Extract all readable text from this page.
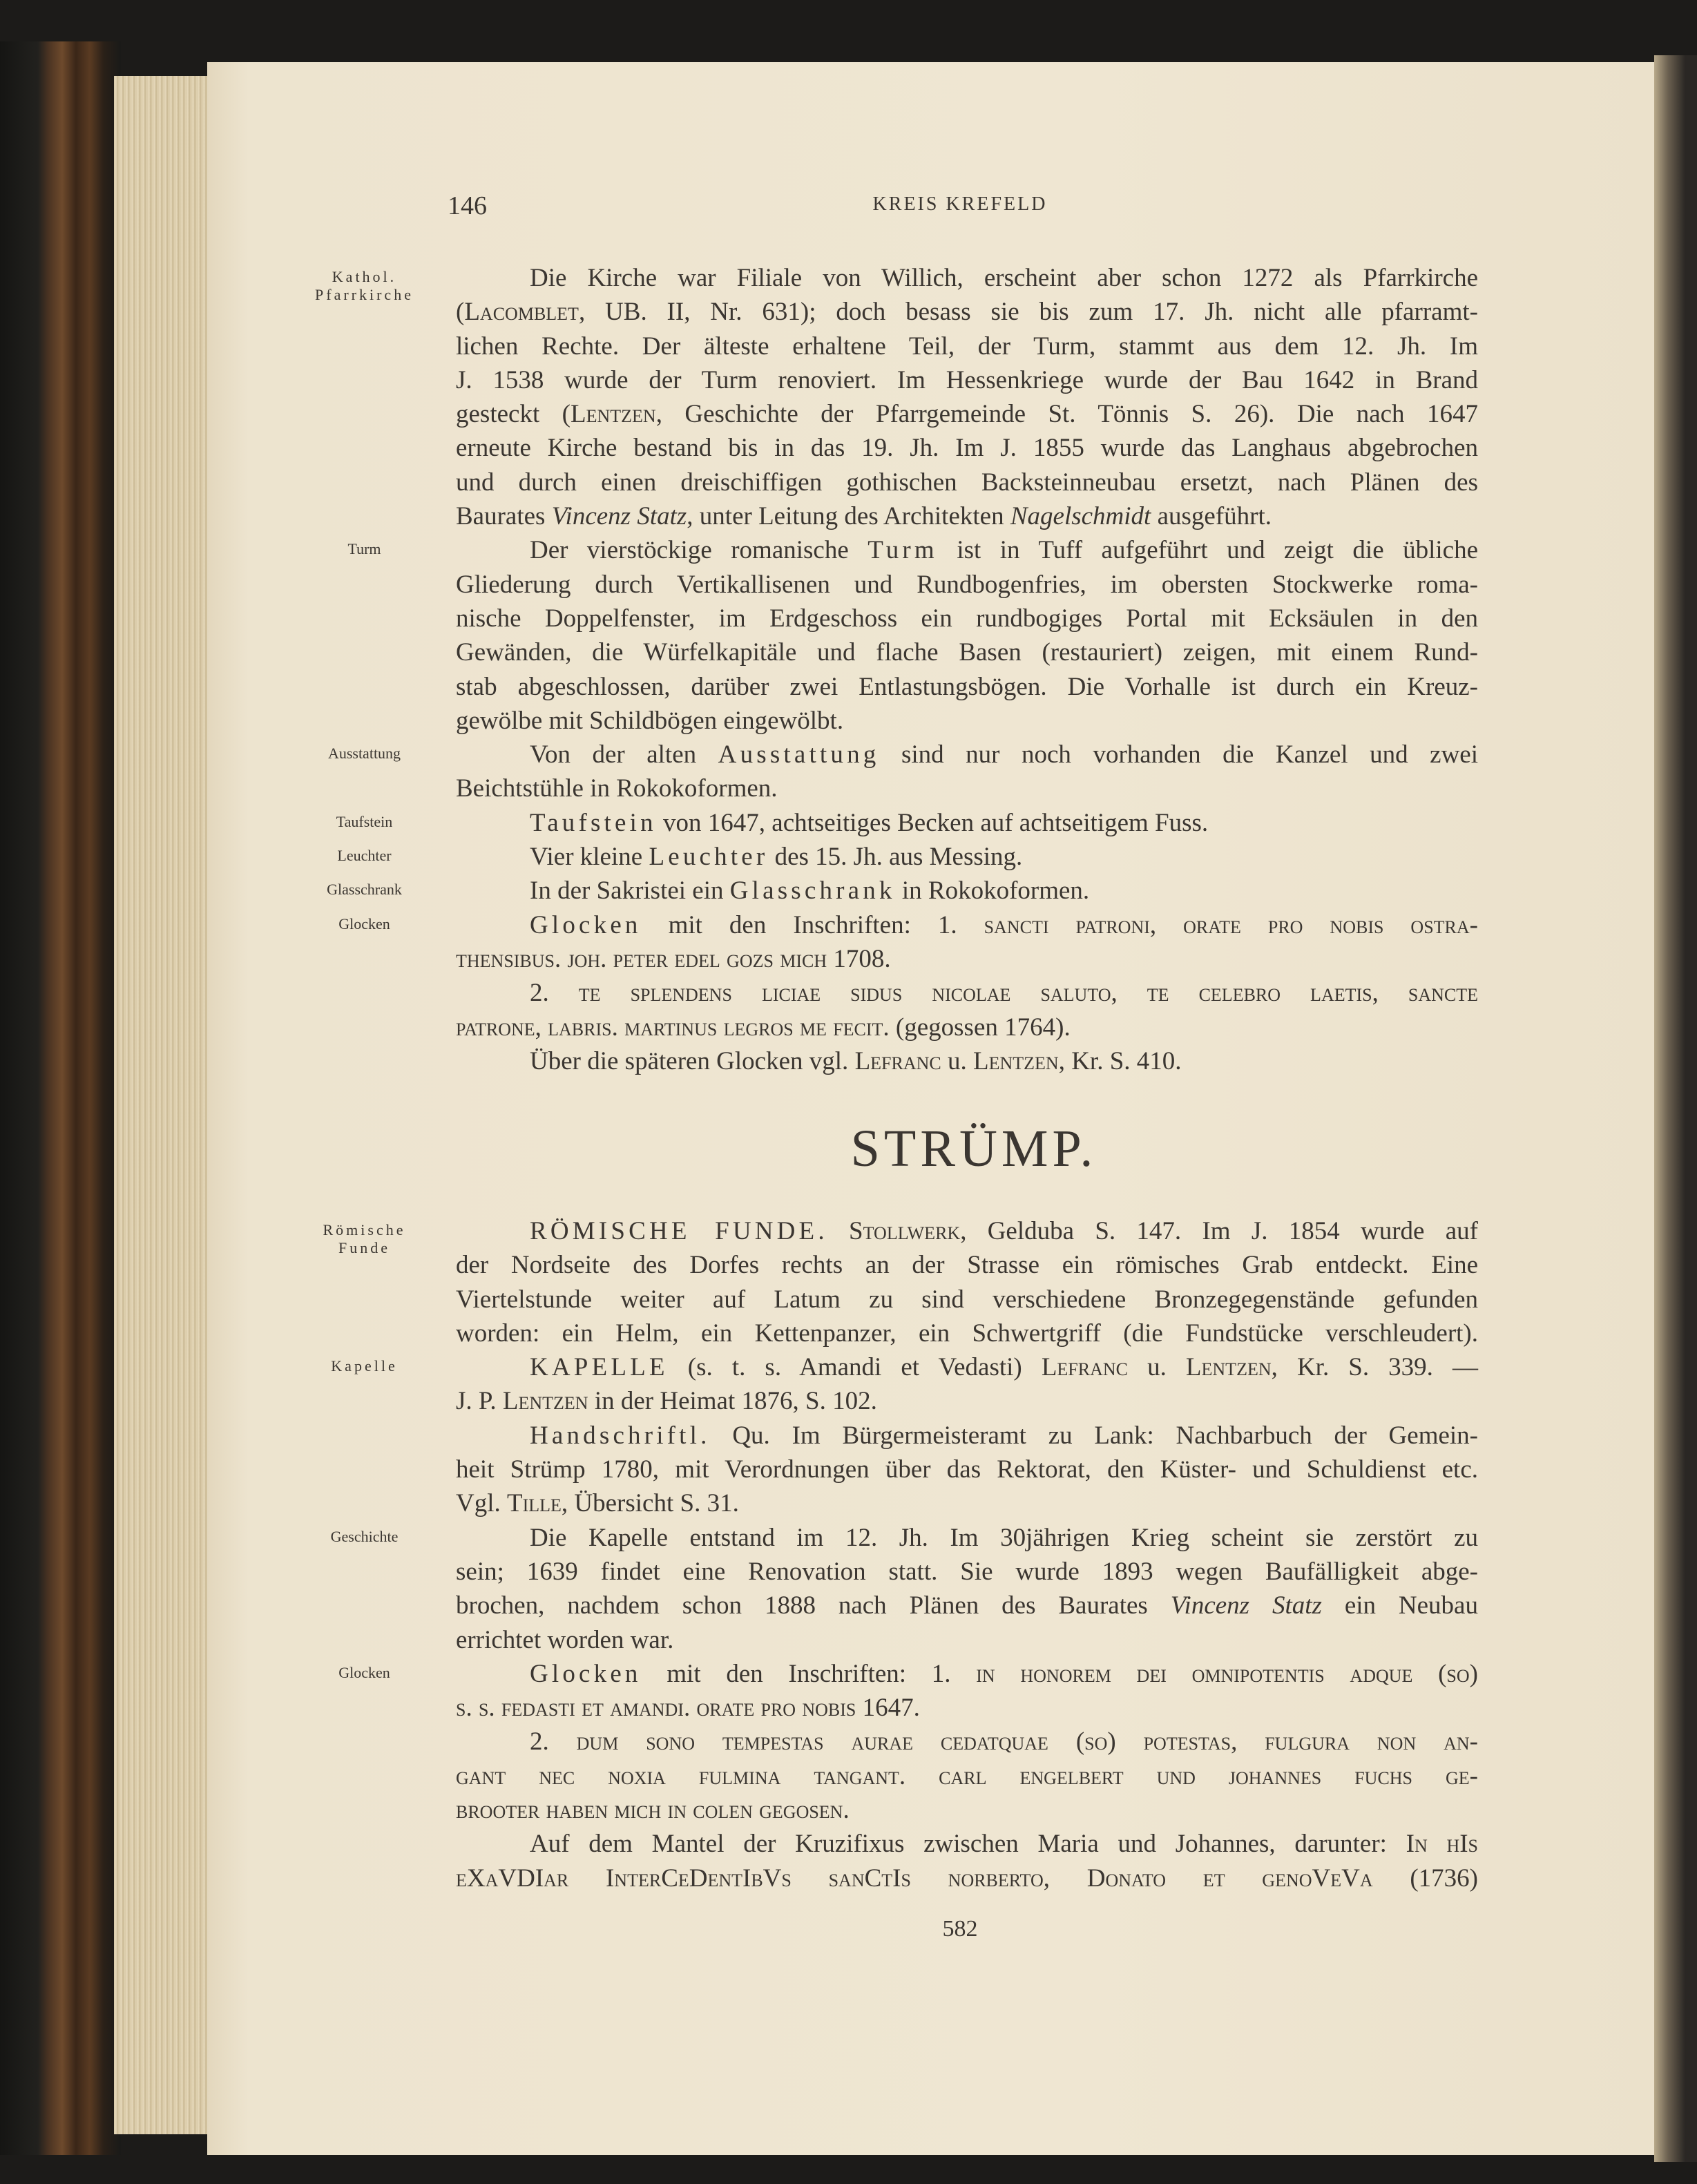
146	KREIS KREFELD
Kathol.
Pfarrkirche
Die Kirche war Filiale von Willich, erscheint aber schon 1272 als Pfarrkirche
(Lacomblet, UB. II, Nr. 631); doch besass sie bis zum 17. Jh. nicht alle pfarramt-
lichen Rechte. Der älteste erhaltene Teil, der Turm, stammt aus dem 12. Jh. Im
J. 1538 wurde der Turm renoviert. Im Hessenkriege wurde der Bau 1642 in Brand
gesteckt (Lentzen, Geschichte der Pfarrgemeinde St. Tönnis S. 26). Die nach 1647
erneute Kirche bestand bis in das 19. Jh. Im J. 1855 wurde das Langhaus abgebrochen
und durch einen dreischiffigen gothischen Backsteinneubau ersetzt, nach Plänen des
Baurates Vincenz Statz, unter Leitung des Architekten Nagelschmidt ausgeführt.
Turm	Der vierstöckige romanische Turm ist in Tuff aufgeführt und zeigt die übliche
Gliederung durch Vertikallisenen und Rundbogenfries, im obersten Stockwerke roma-
nische Doppelfenster, im Erdgeschoss ein rundbogiges Portal mit Ecksäulen in den
Gewänden, die Würfelkapitäle und flache Basen (restauriert) zeigen, mit einem Rund-
stab abgeschlossen, darüber zwei Entlastungsbögen. Die Vorhalle ist durch ein Kreuz-
gewölbe mit Schildbögen eingewölbt.
Ausstattung	Von der alten Ausstattung sind nur noch vorhanden die Kanzel und zwei
Beichtstühle in Rokokoformen.
Taufstein	Taufstein von 1647, achtseitiges Becken auf achtseitigem Fuss.
Leuchter	Vier kleine Leuchter des 15. Jh. aus Messing.
Glasschrank	In der Sakristei ein Glasschrank in Rokokoformen.
Glocken	Glocken mit den Inschriften: 1. sancti patroni, orate pro nobis ostra-
thensibus. joh. peter edel gozs mich 1708.
2. te splendens liciae sidus nicolae saluto, te celebro laetis, sancte
patrone, labris. martinus legros me fecit. (gegossen 1764).
Über die späteren Glocken vgl. Lefranc u. Lentzen, Kr. S. 410.
STRÜMP.
Römische
Funde
RÖMISCHE FUNDE. Stollwerk, Gelduba S. 147. Im J. 1854 wurde auf
der Nordseite des Dorfes rechts an der Strasse ein römisches Grab entdeckt. Eine
Viertelstunde weiter auf Latum zu sind verschiedene Bronzegegenstände gefunden
worden: ein Helm, ein Kettenpanzer, ein Schwertgriff (die Fundstücke verschleudert).
Kapelle	KAPELLE (s. t. s. Amandi et Vedasti) Lefranc u. Lentzen, Kr. S. 339. —
J. P. Lentzen in der Heimat 1876, S. 102.
Handschriftl. Qu. Im Bürgermeisteramt zu Lank: Nachbarbuch der Gemein-
heit Strümp 1780, mit Verordnungen über das Rektorat, den Küster- und Schuldienst etc.
Vgl. Tille, Übersicht S. 31.
Geschichte	Die Kapelle entstand im 12. Jh. Im 30jährigen Krieg scheint sie zerstört zu
sein; 1639 findet eine Renovation statt. Sie wurde 1893 wegen Baufälligkeit abge-
brochen, nachdem schon 1888 nach Plänen des Baurates Vincenz Statz ein Neubau
errichtet worden war.
Glocken	Glocken mit den Inschriften: 1. in honorem dei omnipotentis adque (so)
s. s. fedasti et amandi. orate pro nobis 1647.
2. dum sono tempestas aurae cedatquae (so) potestas, fulgura non an-
gant nec noxia fulmina tangant. carl engelbert und johannes fuchs ge-
brooter haben mich in colen gegosen.
Auf dem Mantel der Kruzifixus zwischen Maria und Johannes, darunter: In hIs
eXaVDIar InterCeDentIbVs sanCtIs norberto, Donato et genoVeVa (1736)
582
